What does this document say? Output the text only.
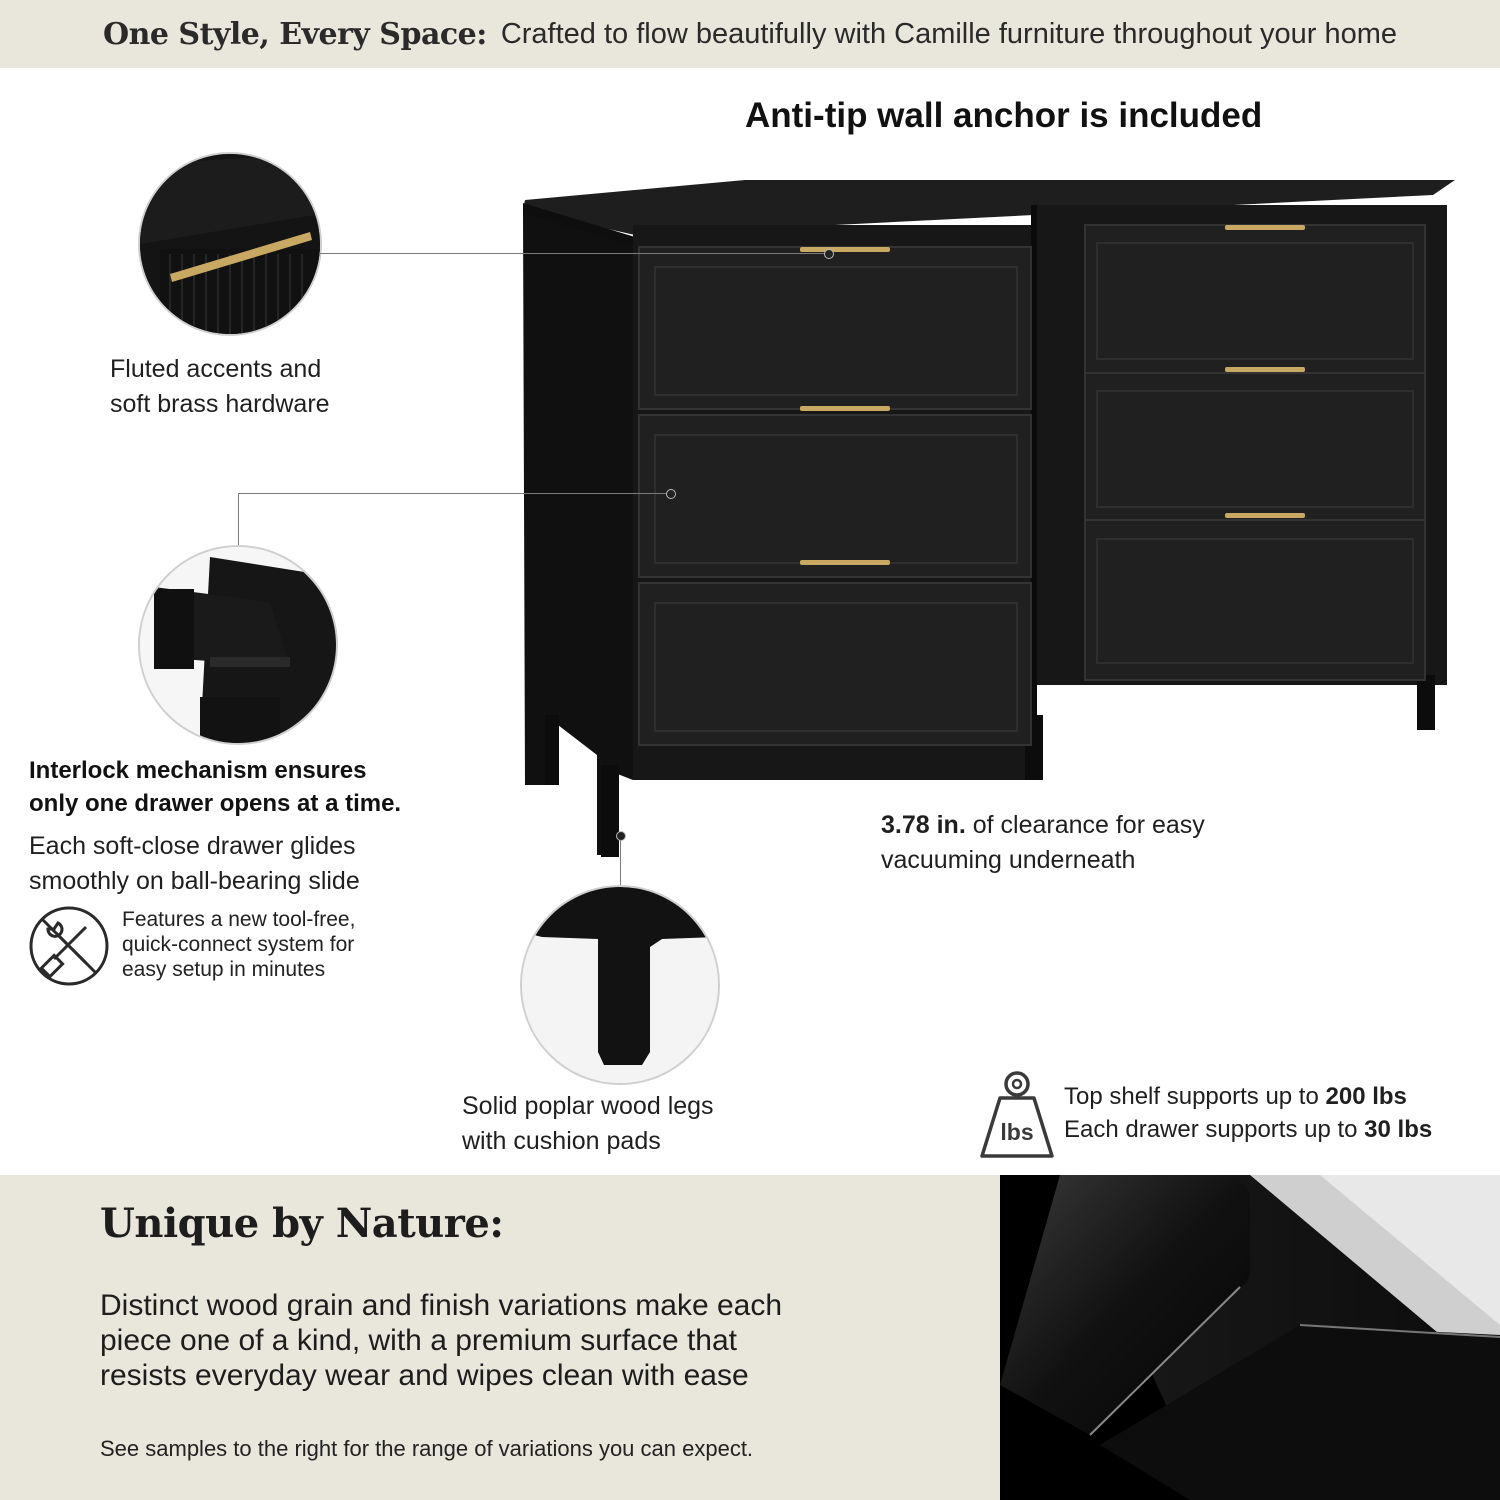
One Style, Every Space: Crafted to flow beautifully with Camille furniture throughout your home
Anti-tip wall anchor is included
Fluted accents and
soft brass hardware
Interlock mechanism ensures
only one drawer opens at a time.
Each soft-close drawer glides
smoothly on ball-bearing slide
Features a new tool-free,
quick-connect system for
easy setup in minutes
Solid poplar wood legs
with cushion pads
3.78 in. of clearance for easy
vacuuming underneath
lbs
Top shelf supports up to 200 lbs
Each drawer supports up to 30 lbs
Unique by Nature:
Distinct wood grain and finish variations make each
piece one of a kind, with a premium surface that
resists everyday wear and wipes clean with ease
See samples to the right for the range of variations you can expect.
